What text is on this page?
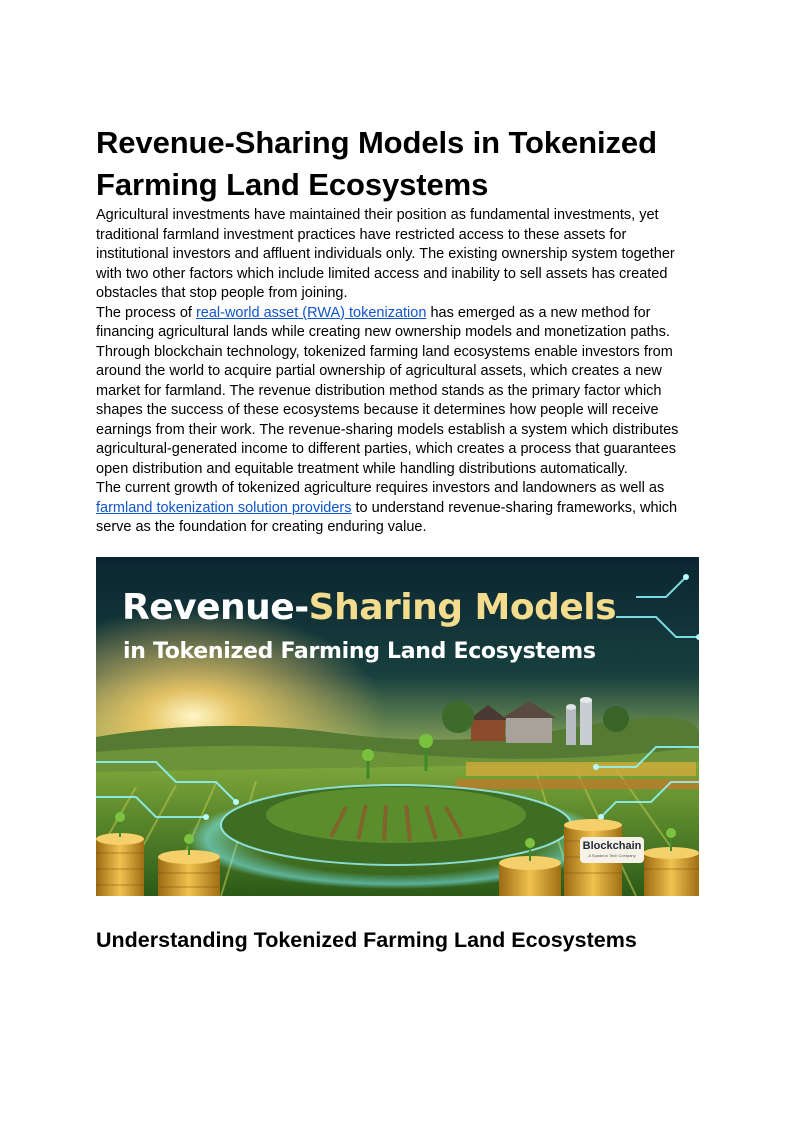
Revenue-Sharing Models in Tokenized Farming Land Ecosystems

Agricultural investments have maintained their position as fundamental investments, yet traditional farmland investment practices have restricted access to these assets for institutional investors and affluent individuals only. The existing ownership system together with two other factors which include limited access and inability to sell assets has created obstacles that stop people from joining.

The process of real-world asset (RWA) tokenization has emerged as a new method for financing agricultural lands while creating new ownership models and monetization paths.

Through blockchain technology, tokenized farming land ecosystems enable investors from around the world to acquire partial ownership of agricultural assets, which creates a new market for farmland. The revenue distribution method stands as the primary factor which shapes the success of these ecosystems because it determines how people will receive earnings from their work. The revenue-sharing models establish a system which distributes agricultural-generated income to different parties, which creates a process that guarantees open distribution and equitable treatment while handling distributions automatically.

The current growth of tokenized agriculture requires investors and landowners as well as farmland tokenization solution providers to understand revenue-sharing frameworks, which serve as the foundation for creating enduring value.

Revenue-Sharing Models
in Tokenized Farming Land Ecosystems
Blockchain
A Spadeon Tech Company
Understanding Tokenized Farming Land Ecosystems
